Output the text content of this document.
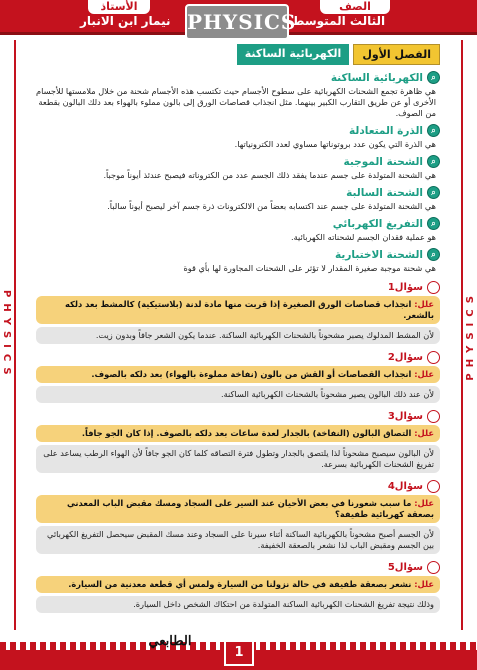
الأستاذ	الصف
نيمار ابن الانبار	الثالث المتوسط
PHYSICS
PHYSICS	PHYSICS
الفصل الأول
الكهربائية الساكنة
⌕
الكهربائية الساكنة

هي ظاهرة تجمع الشحنات الكهربائية على سطوح الأجسام حيث تكتسب هذه الأجسام شحنة من خلال ملامستها للأجسام الأخرى أو عن طريق التقارب الكبير بينهما. مثل انجذاب قصاصات الورق إلى بالون مملوء بالهواء بعد دلك البالون بقطعة من الصوف.

⌕
الذرة المتعادلة

هي الذرة التي يكون عدد بروتوناتها مساوي لعدد الكترونياتها.

⌕
الشحنة الموجبة

هي الشحنة المتولدة على جسم عندما يفقد ذلك الجسم عدد من الكتروناته فيصبح عندئذ أيوناً موجباً.

⌕
الشحنة السالبة

هي الشحنة المتولدة على جسم عند اكتسابه بعضاً من الالكترونات ذرة جسم آخر ليصبح أيوناً سالباً.

⌕
التفريغ الكهربائي

هو عملية فقدان الجسم لشحناته الكهربائية.

⌕
الشحنة الاختبارية

هي شحنة موجبة صغيرة المقدار لا تؤثر على الشحنات المجاورة لها بأي قوة

سؤال1
علل: انجذاب قصاصات الورق الصغيرة إذا قربت منها مادة لدنة (بلاستيكية) كالمشط بعد دلكه بالشعر.
لأن المشط المدلوك يصبر مشحوناً بالشحنات الكهربائية الساكنة. عندما يكون الشعر جافاً وبدون زيت.
سؤال2
علل: انجذاب القصاصات أو القش من بالون (نفاخة مملوءة بالهواء) بعد دلكه بالصوف.
لأن عند ذلك البالون يصير مشحوناً بالشحنات الكهربائية الساكنة.
سؤال3
علل: التصاق البالون (النفاخة) بالجدار لعدة ساعات بعد دلكه بالصوف. إذا كان الجو جافاً.
لأن البالون سيصبح مشحوناً لذا يلتصق بالجدار وتطول فترة التصاقه كلما كان الجو جافاً لأن الهواء الرطب يساعد على تفريغ الشحنات الكهربائية بسرعة.
سؤال4
علل: ما سبب شعورنا في بعض الأحيان عند السير على السجاد ومسك مقبض الباب المعدني بصعقة كهربائية طفيفة؟
لأن الجسم أصبح مشحوناً بالكهربائية الساكنة أثناء سيرنا على السجاد وعند مسك المقبض سيحصل التفريغ الكهربائي بين الجسم ومقبض الباب لذا نشعر بالصعقة الخفيفة.
سؤال5
علل: نشعر بصعقة طفيفة في حالة نزولنا من السيارة ولمس أي قطعة معدنية من السيارة.
وذلك نتيجة تفريغ الشحنات الكهربائية الساكنة المتولدة من احتكاك الشخص داخل السيارة.
الطابعي
1
